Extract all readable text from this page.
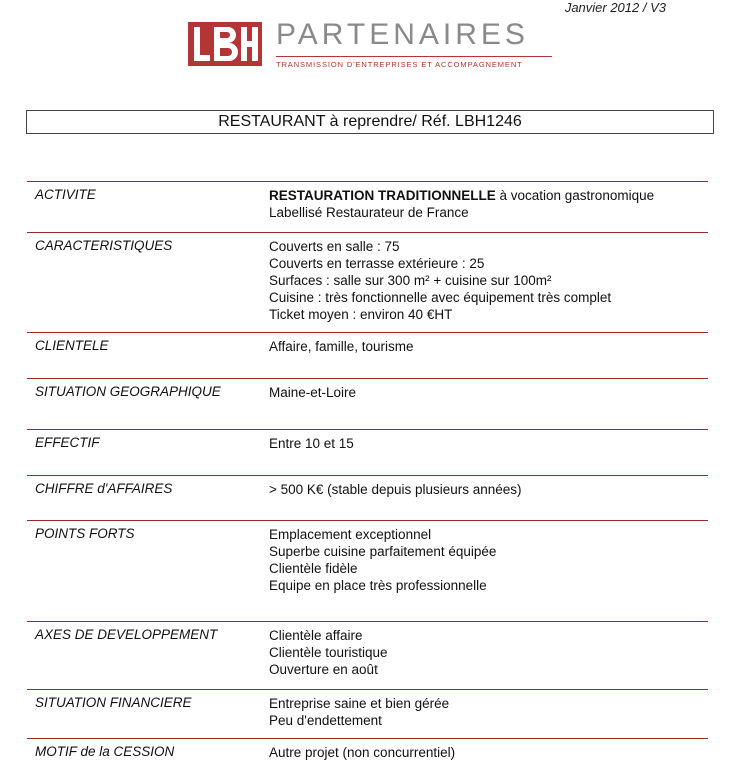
Janvier 2012 / V3
PARTENAIRES
TRANSMISSION D'ENTREPRISES ET ACCOMPAGNEMENT
RESTAURANT à reprendre/ Réf. LBH1246
ACTIVITE	RESTAURATION TRADITIONNELLE à vocation gastronomique
Labellisé Restaurateur de France
CARACTERISTIQUES	Couverts en salle : 75
Couverts en terrasse extérieure : 25
Surfaces : salle sur 300 m² + cuisine sur 100m²
Cuisine : très fonctionnelle avec équipement très complet
Ticket moyen : environ 40 €HT
CLIENTELE	Affaire, famille, tourisme
SITUATION GEOGRAPHIQUE	Maine-et-Loire
EFFECTIF	Entre 10 et 15
CHIFFRE d'AFFAIRES	> 500 K€ (stable depuis plusieurs années)
POINTS FORTS	Emplacement exceptionnel
Superbe cuisine parfaitement équipée
Clientèle fidèle
Equipe en place très professionnelle
AXES DE DEVELOPPEMENT	Clientèle affaire
Clientèle touristique
Ouverture en août
SITUATION FINANCIERE	Entreprise saine et bien gérée
Peu d'endettement
MOTIF de la CESSION	Autre projet (non concurrentiel)
